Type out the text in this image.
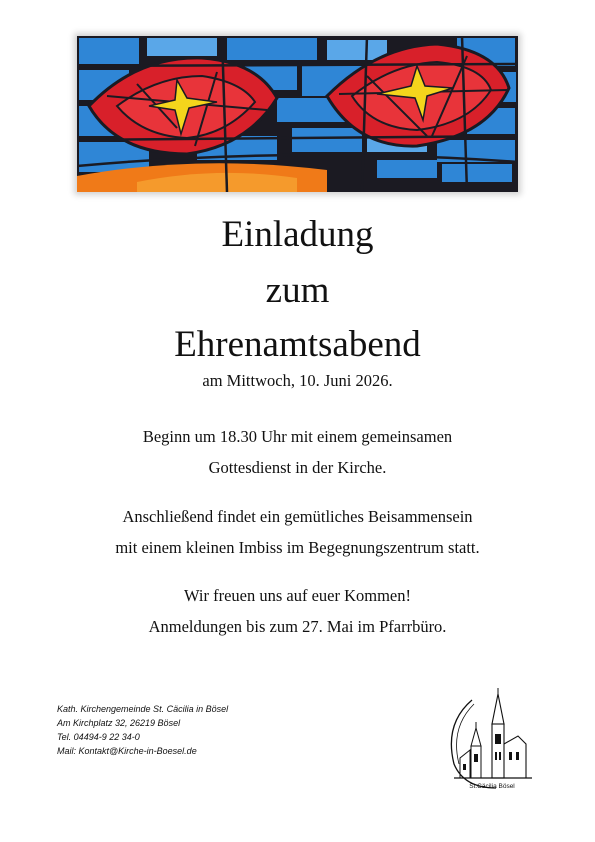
Einladung
zum
Ehrenamtsabend
am Mittwoch, 10. Juni 2026.
Beginn um 18.30 Uhr mit einem gemeinsamen
Gottesdienst in der Kirche.
Anschließend findet ein gemütliches Beisammensein
mit einem kleinen Imbiss im Begegnungszentrum statt.
Wir freuen uns auf euer Kommen!
Anmeldungen bis zum 27. Mai im Pfarrbüro.
Kath. Kirchengemeinde St. Cäcilia in Bösel
Am Kirchplatz 32, 26219 Bösel
Tel. 04494-9 22 34-0
Mail: Kontakt@Kirche-in-Boesel.de
St.Cäcilia Bösel
